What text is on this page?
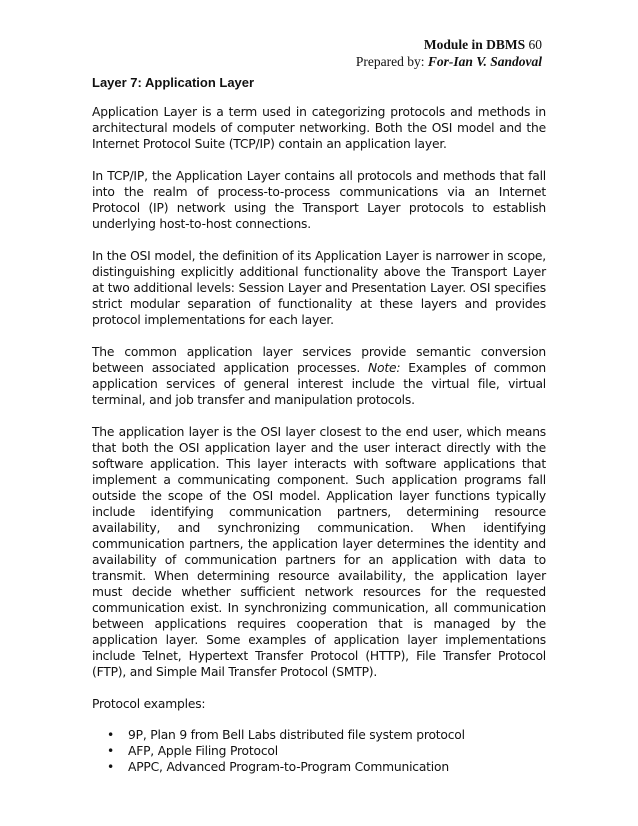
Module in DBMS 60
Prepared by: For-Ian V. Sandoval
Layer 7: Application Layer

Application Layer is a term used in categorizing protocols and methods in architectural models of computer networking. Both the OSI model and the Internet Protocol Suite (TCP/IP) contain an application layer.

In TCP/IP, the Application Layer contains all protocols and methods that fall into the realm of process-to-process communications via an Internet Protocol (IP) network using the Transport Layer protocols to establish underlying host-to-host connections.

In the OSI model, the definition of its Application Layer is narrower in scope, distinguishing explicitly additional functionality above the Transport Layer at two additional levels: Session Layer and Presentation Layer. OSI specifies strict modular separation of functionality at these layers and provides protocol implementations for each layer.

The common application layer services provide semantic conversion between associated application processes. Note: Examples of common application services of general interest include the virtual file, virtual terminal, and job transfer and manipulation protocols.

The application layer is the OSI layer closest to the end user, which means that both the OSI application layer and the user interact directly with the software application. This layer interacts with software applications that implement a communicating component. Such application programs fall outside the scope of the OSI model. Application layer functions typically include identifying communication partners, determining resource availability, and synchronizing communication. When identifying communication partners, the application layer determines the identity and availability of communication partners for an application with data to transmit. When determining resource availability, the application layer must decide whether sufficient network resources for the requested communication exist. In synchronizing communication, all communication between applications requires cooperation that is managed by the application layer. Some examples of application layer implementations include Telnet, Hypertext Transfer Protocol (HTTP), File Transfer Protocol (FTP), and Simple Mail Transfer Protocol (SMTP).

Protocol examples:
• 9P, Plan 9 from Bell Labs distributed file system protocol
• AFP, Apple Filing Protocol
• APPC, Advanced Program-to-Program Communication
